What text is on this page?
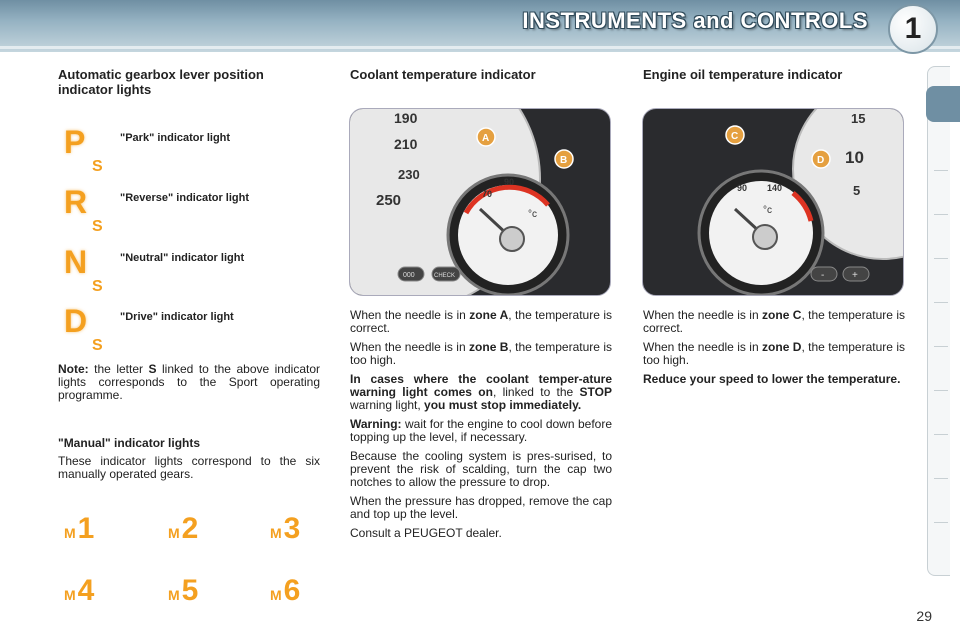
INSTRUMENTS and CONTROLS	1
Automatic gearbox lever position indicator lights
P
S
"Park" indicator light
R
S
"Reverse" indicator light
N
S
"Neutral" indicator light
D
S
"Drive" indicator light

Note: the letter S linked to the above indicator lights corresponds to the Sport operating programme.

"Manual" indicator lights

These indicator lights correspond to the six manually operated gears.

M1	M2	M3
M4	M5	M6
Coolant temperature indicator
190
210
230
250	70
90
°c
A
B
000	CHECK

When the needle is in zone A, the temperature is correct.

When the needle is in zone B, the temperature is too high.

In cases where the coolant temper-ature warning light comes on, linked to the STOP warning light, you must stop immediately.

Warning: wait for the engine to cool down before topping up the level, if necessary.

Because the cooling system is pres-surised, to prevent the risk of scalding, turn the cap two notches to allow the pressure to drop.

When the pressure has dropped, remove the cap and top up the level.

Consult a PEUGEOT dealer.

Engine oil temperature indicator
15
10
5
90 140
°c
C
D
-	+

When the needle is in zone C, the temperature is correct.

When the needle is in zone D, the temperature is too high.

Reduce your speed to lower the temperature.

29
